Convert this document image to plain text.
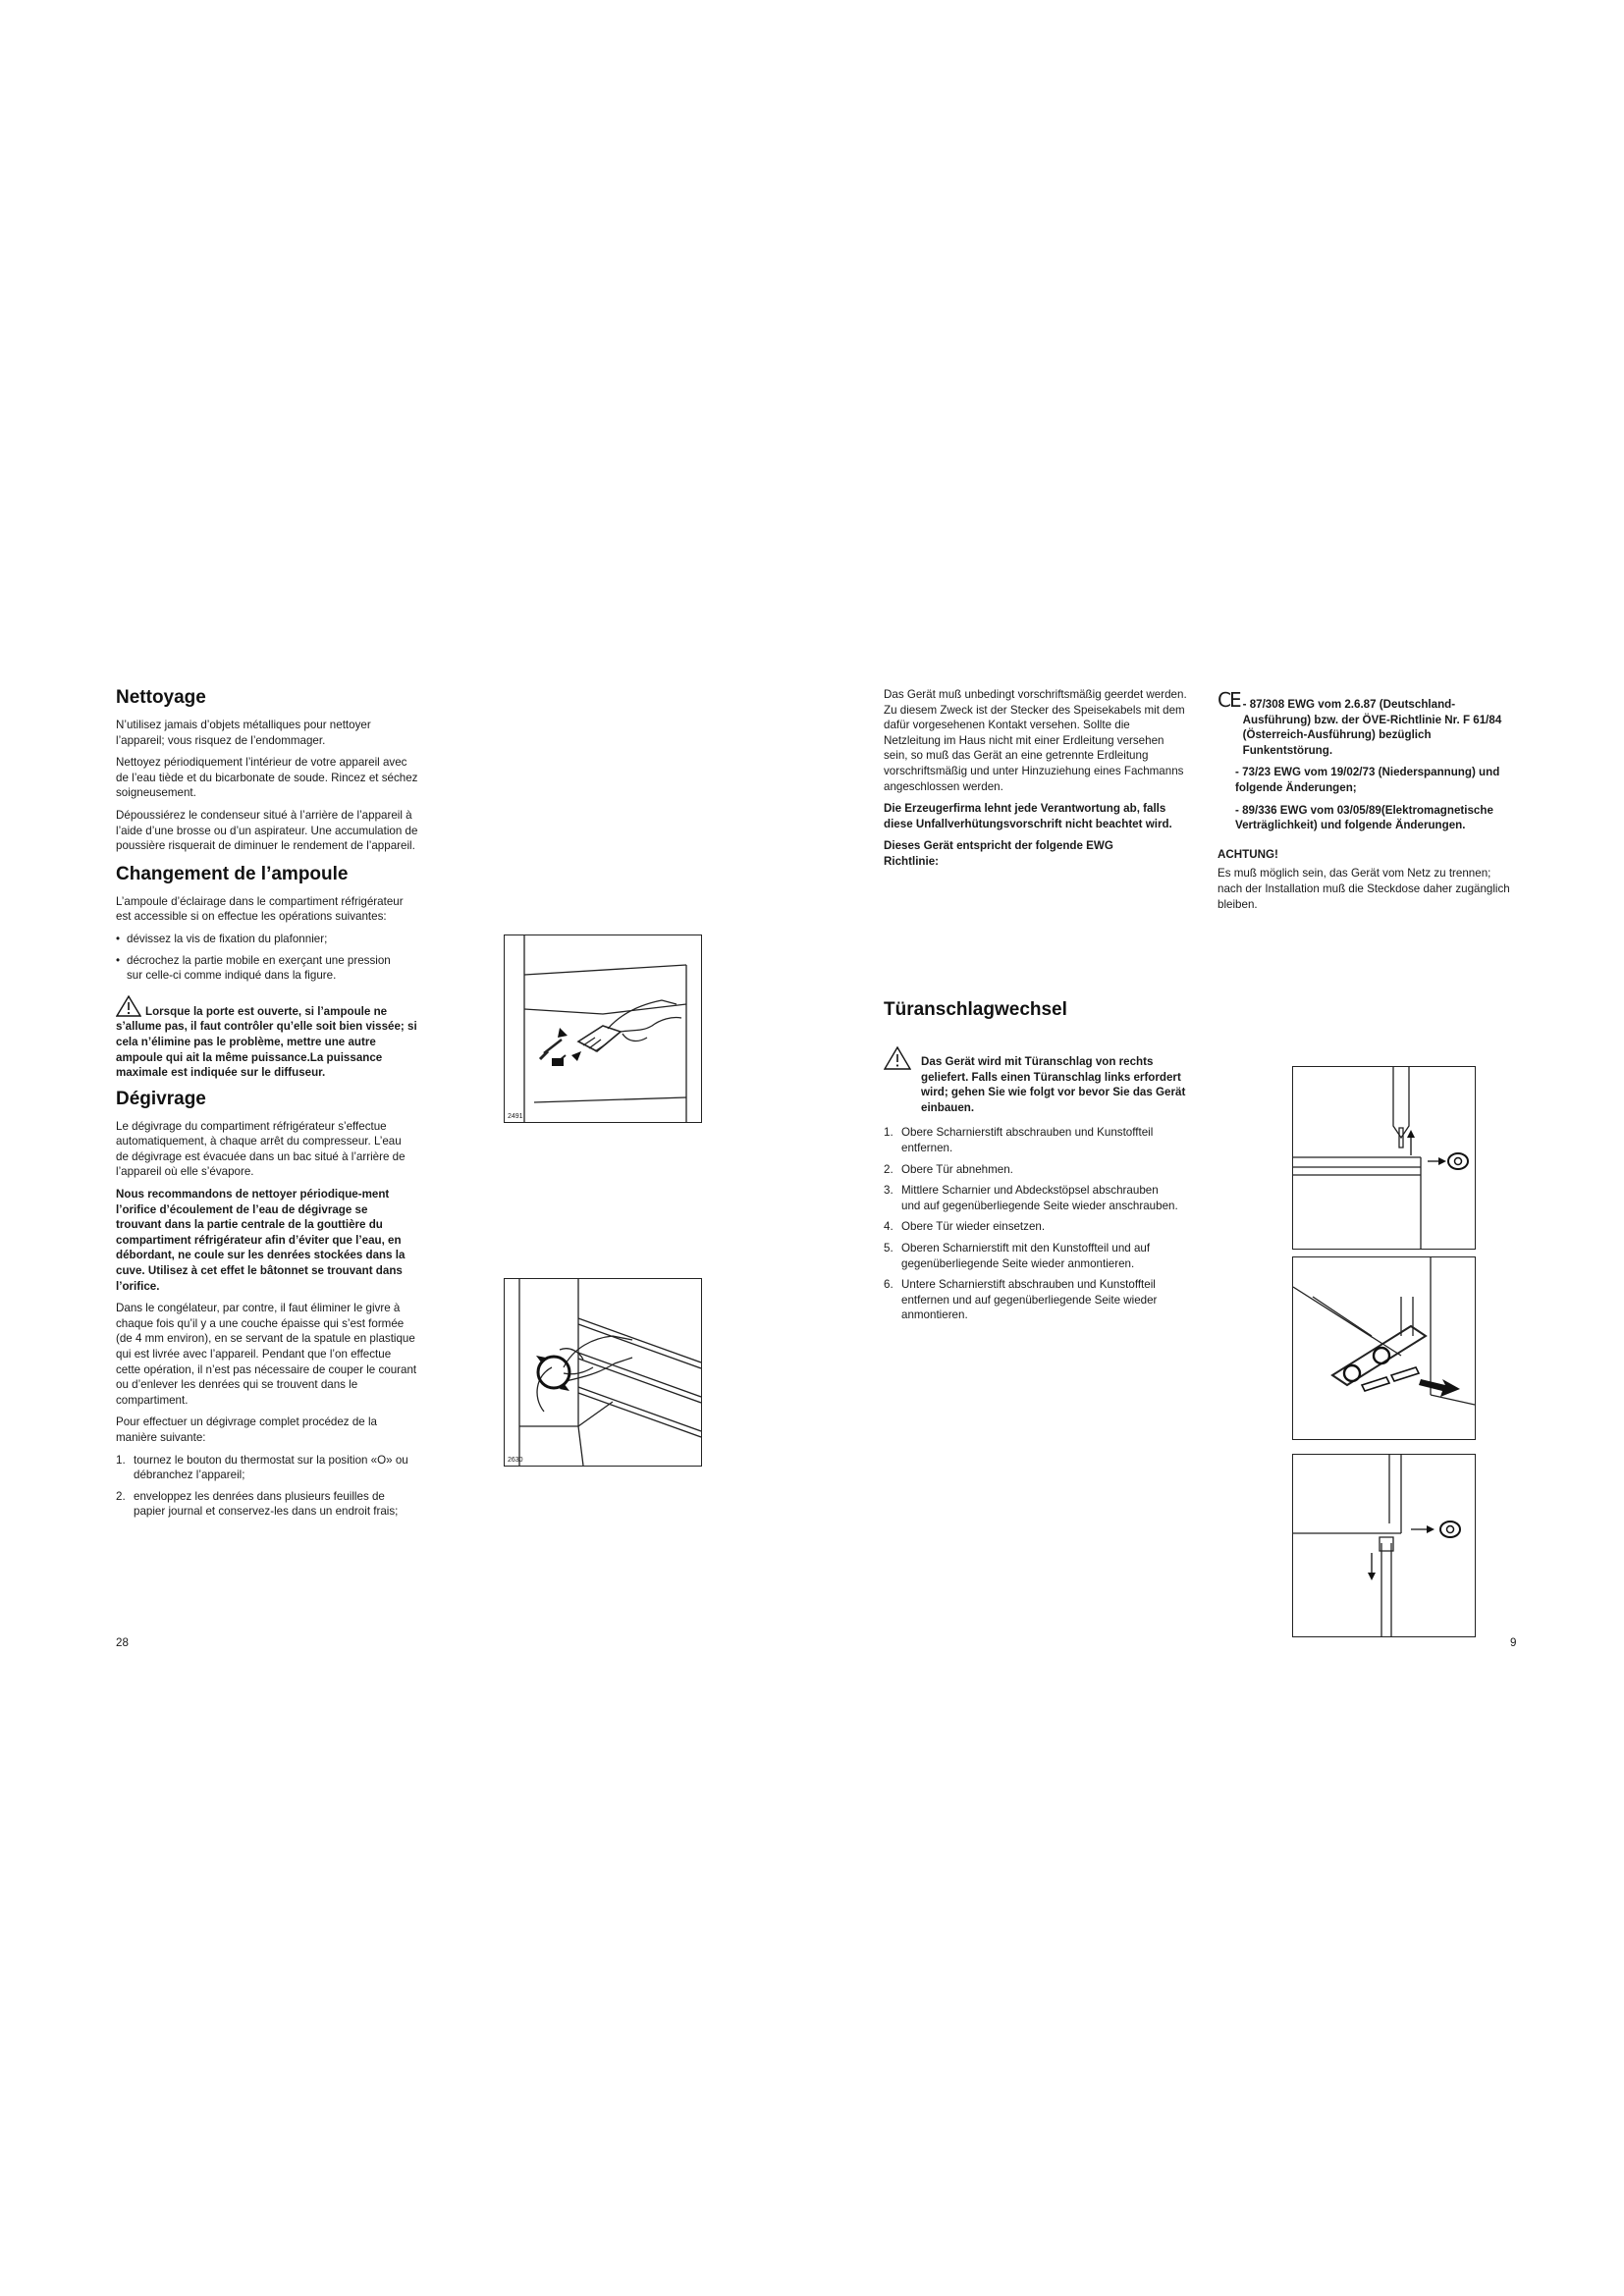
Nettoyage

N’utilisez jamais d’objets métalliques pour nettoyer l’appareil; vous risquez de l’endommager.

Nettoyez périodiquement l’intérieur de votre appareil avec de l’eau tiède et du bicarbonate de soude. Rincez et séchez soigneusement.

Dépoussiérez le condenseur situé à l’arrière de l’appareil à l’aide d’une brosse ou d’un aspirateur. Une accumulation de poussière risquerait de diminuer le rendement de l’appareil.

Changement de l’ampoule

L’ampoule d’éclairage dans le compartiment réfrigérateur est accessible si on effectue les opérations suivantes:

• dévissez la vis de fixation du plafonnier;
• décrochez la partie mobile en exerçant une pression sur celle-ci comme indiqué dans la figure.

Lorsque la porte est ouverte, si l’ampoule ne s’allume pas, il faut contrôler qu’elle soit bien vissée; si cela n’élimine pas le problème, mettre une autre ampoule qui ait la même puissance.La puissance maximale est indiquée sur le diffuseur.

Dégivrage

Le dégivrage du compartiment réfrigérateur s’effectue automatiquement, à chaque arrêt du compresseur. L’eau de dégivrage est évacuée dans un bac situé à l’arrière de l’appareil où elle s’évapore.

Nous recommandons de nettoyer périodique-ment l’orifice d’écoulement de l’eau de dégivrage se trouvant dans la partie centrale de la gouttière du compartiment réfrigérateur afin d’éviter que l’eau, en débordant, ne coule sur les denrées stockées dans la cuve. Utilisez à cet effet le bâtonnet se trouvant dans l’orifice.

Dans le congélateur, par contre, il faut éliminer le givre à chaque fois qu’il y a une couche épaisse qui s’est formée (de 4 mm environ), en se servant de la spatule en plastique qui est livrée avec l’appareil. Pendant que l’on effectue cette opération, il n’est pas nécessaire de couper le courant ou d’enlever les denrées qui se trouvent dans le compartiment.

Pour effectuer un dégivrage complet procédez de la manière suivante:

1. tournez le bouton du thermostat sur la position «O» ou débranchez l’appareil;
2. enveloppez les denrées dans plusieurs feuilles de papier journal et conservez-les dans un endroit frais;
2491
2630
28

Das Gerät muß unbedingt vorschriftsmäßig geerdet werden. Zu diesem Zweck ist der Stecker des Speisekabels mit dem dafür vorgesehenen Kontakt versehen. Sollte die Netzleitung im Haus nicht mit einer Erdleitung versehen sein, so muß das Gerät an eine getrennte Erdleitung vorschriftsmäßig und unter Hinzuziehung eines Fachmanns angeschlossen werden.

Die Erzeugerfirma lehnt jede Verantwortung ab, falls diese Unfallverhütungsvorschrift nicht beachtet wird.

Dieses Gerät entspricht der folgende EWG Richtlinie:

CE - 87/308 EWG vom 2.6.87 (Deutschland-Ausführung) bzw. der ÖVE-Richtlinie Nr. F 61/84 (Österreich-Ausführung) bezüglich Funkentstörung.

- 73/23 EWG vom 19/02/73 (Niederspannung) und folgende Änderungen;

- 89/336 EWG vom 03/05/89(Elektromagnetische Verträglichkeit) und folgende Änderungen.

ACHTUNG!

Es muß möglich sein, das Gerät vom Netz zu trennen; nach der Installation muß die Steckdose daher zugänglich bleiben.

Türanschlagwechsel

Das Gerät wird mit Türanschlag von rechts geliefert. Falls einen Türanschlag links erfordert wird; gehen Sie wie folgt vor bevor Sie das Gerät einbauen.

1. Obere Scharnierstift abschrauben und Kunstoffteil entfernen.
2. Obere Tür abnehmen.
3. Mittlere Scharnier und Abdeckstöpsel abschrauben und auf gegenüberliegende Seite wieder anschrauben.
4. Obere Tür wieder einsetzen.
5. Oberen Scharnierstift mit den Kunstoffteil und auf gegenüberliegende Seite wieder anmontieren.
6. Untere Scharnierstift abschrauben und Kunstoffteil entfernen und auf gegenüberliegende Seite wieder anmontieren.
9
